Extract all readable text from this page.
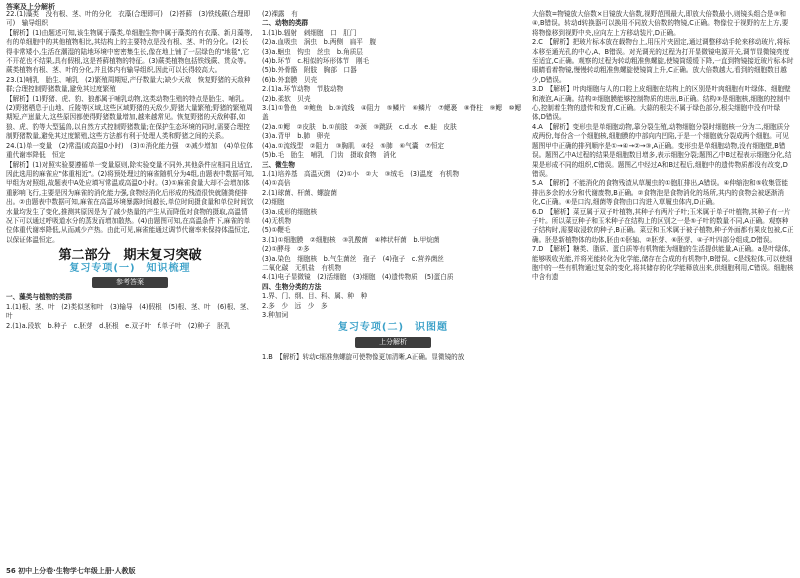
答案及上分解析

22.(1)藻类　没有根、茎、叶的分化　衣藻(合理即可)　(2)苔藓　(3)铁线蕨(合理即可)　输导组织

【解析】(1)由题述可知,该生物属于藻类,单细胞生物中属于藻类的有衣藻、新月藻等,有的单细胞中的其他植物相比,其结构上的主要特点是没有根、茎、叶的分化。(2)长得非常矮小,生活在潮湿的陆地环境中密密集生长,像在地上铺了一层绿色的"地毯",它不开花也不结果,具有假根,这是苔藓植物的特征。(3)蕨类植物包括铁线蕨、贯众等。蕨类植物有根、茎、叶的分化,并且体内有输导组织,因此可以长得较高大。

23.(1)哺乳　胎生、哺乳　(2)繁殖周期短,产仔数量大;缺少天敌　恢复野猪的天敌种群;合理控制野猪数量,避免其过度繁殖

【解析】(1)野猪、虎、豹、狼都属于哺乳动物,这类动物生殖的特点是胎生、哺乳。(2)野猪栖息于山地、丘陵等区域,这些区域野猪的天敌少,野猪大量繁殖;野猪的繁殖周期短,产崽量大,这些原因都使得野猪数量增加,越来越常见。恢复野猪的天敌种群,如狼、虎、豹等大型猛兽,以自然方式控制野猪数量;在保护生态环境的同时,需要合理控制野猪数量,避免其过度繁殖,这些方法都有利于处理人类和野猪之间的关系。

24.(1)单一变量　(2)常温(或高温0小时)　(3)①消化能力强　②减少增加　(4)单位体重代谢率降低　恒定

【解析】(1)对照实验要遵循单一变量原则,除实验变量不同外,其他条件应相同且适宜,因此选用的麻雀应"体重相近"。(2)将预处理过的麻雀随机分为4组,由题表中数据可知,甲组为对照组,故题表中A处应填写常温或高温0小时。(3)①麻雀食量大却不会增加体重影响飞行,主要是因为麻雀的消化能力强,食物经消化后形成的残渣很快就随粪便排出。②由题表中数据可知,麻雀在高温环境暴露时间越长,单位时间摄食量和单位时间饮水量均发生了变化,推测其原因是为了减少热量的产生从而降低对食物的摄取,高温情况下可以通过呼吸道水分的蒸发而增加散热。(4)由题图可知,在高温条件下,麻雀的单位体重代谢率降低,从而减少产热。由此可见,麻雀能通过调节代谢率来保持体温恒定,以保证体温恒定。

第二部分　期末复习突破
复习专项(一)　知识梳理
参考答案

一、藻类与植物的类群

1.(1)根、茎、叶　(2)类似茎和叶　(3)输导　(4)假根　(5)根、茎、叶　(6)根、茎、叶

2.(1)a.段软　b.种子　c.胚芽　d.胚根　e.双子叶　f.单子叶　(2)种子　胚乳

(2)裸露　有

二、动物的类群

1.(1)b.辐射　刺细胞　口　肛门

(2)a.血吸虫　涡虫　b.两侧　扁平　腹

(3)a.蛔虫　钩虫　丝虫　b.角质层

(4)b.环节　c.相似的环形体节　刚毛

(5)b.外骨骼　附肢　胸部　口器

(6)b.外套膜　贝壳

2.(1)a.环节动物　节肢动物

(2)b.柔软　贝壳

3.(1)①鲁鱼　②鲍鱼　b.③流线　④阻力　⑤鳞片　⑥鳞片　⑦鳃裹　⑧脊柱　⑨鳃　⑩鳃盖

(2)a.①鳃　②皮肤　b.①前肢　②颈　③跳跃　c.d.水　e.蛙　皮肤

(3)a.背甲　b.肺　卵壳

(4)a.①流线型　②阻力　③胸肌　④轻　⑤肺　⑥气囊　⑦恒定

(5)b.毛　胎生　哺乳　门齿　摄取食物　消化

三、微生物

1.(1)培养基　高温灭菌　(2)①小　②大　③绒毛　(3)温度　有机物

(4)①高倍

2.(1)球菌、杆菌、螺旋菌

(2)细胞

(3)a.成形的细胞核

(4)无机物

(5)①鞭毛

3.(1)①细胞膜　②细胞核　③乳酸菌　④棒状杆菌　b.甲烷菌

(2)①酵母　②多

(3)a.染色　细胞核　b.气生菌丝　孢子　(4)孢子　c.营养菌丝

二氧化碳　无机盐　有机物

4.(1)电子显微镜　(2)活细胞　(3)细胞　(4)遗传物质　(5)蛋白质

四、生物分类的方法

1.界、门、纲、目、科、属、种　种

2.多　少　远　少　多

3.种加词

复习专项(二)　识图题
上分解析

1.B　【解析】转动c细准焦螺旋可使物像更加清晰,A正确。显微镜的放

大倍数=物镜放大倍数×目镜放大倍数,视野范围最大,即放大倍数最小,则镜头组合是③和④,B错误。转动d转换器可以换用不同放大倍数的物镜,C正确。物像位于视野的左上方,要将物像移到视野中央,应向左上方移动装片,D正确。

2.C　【解析】把玻片标本放在载物台上,用压片夹固定,通过调整移动手轮来移动玻片,将标本移至通光孔的中心,A、B错误。对光调光的过程为打开显微镜电源开关,调节显微镜亮度至适宜,C正确。观察的过程为转动粗准焦螺旋,使镜筒缓缓下降,一直到物镜接近玻片标本时眼睛看着物镜,慢慢转动粗准焦螺旋使镜筒上升,C正确。放大倍数越大,看到的细胞数目越少,D错误。

3.D　【解析】叶肉细胞与人的口腔上皮细胞在结构上的区别是叶肉细胞有叶绿体、细胞壁和液泡,A正确。结构②细胞膜能够控制物质的进出,B正确。结构③是细胞核,细胞的控制中心,控制着生物的遗传和发育,C正确。大蒜的根尖不属于绿色部分,根尖细胞中没有叶绿体,D错误。

4.A　【解析】变形虫是单细胞动物,靠分裂生殖,动物细胞分裂时细胞核一分为二,细胞质分成两份,每份含一个细胞核,细胞膜的中部向内凹陷,于是一个细胞就分裂成两个细胞。可见题图甲中正确的排列顺序是①→④→②→③,A正确。变形虫是单细胞动物,没有细胞壁,B错误。题图乙中A过程的结果是细胞数目增多,表示细胞分裂;题图乙中B过程表示细胞分化,结果是形成不同的组织,C错误。题图乙中经过A和B过程后,细胞中的遗传物质都没有改变,D错误。

5.A　【解析】不能消化的食物残渣从草履虫的①胞肛排出,A错误。④伸缩泡和⑤收集管能排出多余的水分和代谢废物,B正确。②食物泡是食物消化的场所,其内的食物会被逐渐消化,C正确。⑥是口沟,细菌等食物由口沟进入草履虫体内,D正确。

6.D　【解析】菜豆属于双子叶植物,其种子有两片子叶;玉米属于单子叶植物,其种子有一片子叶。所以菜豆种子和玉米种子在结构上的区别之一是⑤子叶的数量不同,A正确。观察种子结构时,需要取浸软的种子,B正确。菜豆和玉米属于被子植物,种子外面都有果皮包被,C正确。胚是新植物体的幼体,胚由①胚轴、②胚芽、⑥胚芽、④子叶四部分组成,D错误。

7.D　【解析】糖类、脂质、蛋白质等有机物能为细胞的生活提供能量,A正确。a是叶绿体,能够吸收光能,并将光能转化为化学能,储存在合成的有机物中,B错误。c是线粒体,可以使细胞中的一些有机物通过复杂的变化,将其储存的化学能释放出来,供细胞利用,C错误。细胞核中含有遗

56 初中上分卷·生物学七年级上册·人教版
